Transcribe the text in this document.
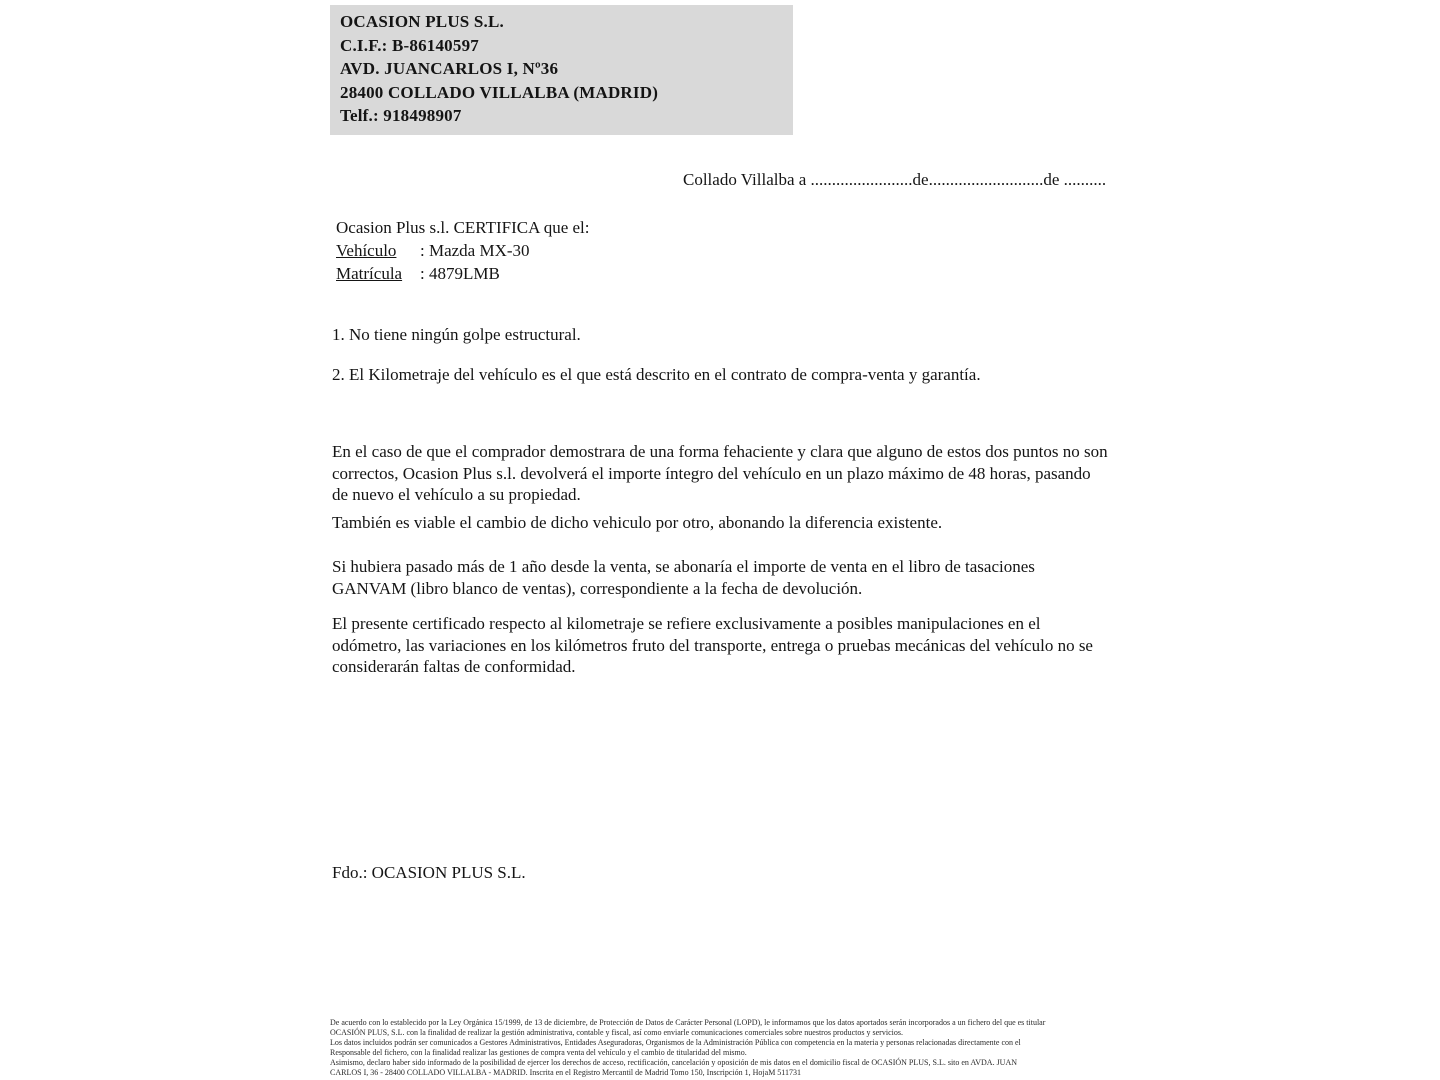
OCASION PLUS S.L.
C.I.F.: B-86140597
AVD. JUANCARLOS I, Nº36
28400 COLLADO VILLALBA (MADRID)
Telf.: 918498907
Collado Villalba a ........................de...........................de ..........
Ocasion Plus s.l. CERTIFICA que el:
Vehículo : Mazda MX-30
Matrícula : 4879LMB
1. No tiene ningún golpe estructural.
2. El Kilometraje del vehículo es el que está descrito en el contrato de compra-venta y garantía.
En el caso de que el comprador demostrara de una forma fehaciente y clara que alguno de estos dos puntos no son correctos, Ocasion Plus s.l. devolverá el importe íntegro del vehículo en un plazo máximo de 48 horas, pasando de nuevo el vehículo a su propiedad.
También es viable el cambio de dicho vehiculo por otro, abonando la diferencia existente.
Si hubiera pasado más de 1 año desde la venta, se abonaría el importe de venta en el libro de tasaciones GANVAM (libro blanco de ventas), correspondiente a la fecha de devolución.
El presente certificado respecto al kilometraje se refiere exclusivamente a posibles manipulaciones en el odómetro, las variaciones en los kilómetros fruto del transporte, entrega o pruebas mecánicas del vehículo no se considerarán faltas de conformidad.
Fdo.: OCASION PLUS S.L.
De acuerdo con lo establecido por la Ley Orgánica 15/1999, de 13 de diciembre, de Protección de Datos de Carácter Personal (LOPD), le informamos que los datos aportados serán incorporados a un fichero del que es titular
OCASIÓN PLUS, S.L. con la finalidad de realizar la gestión administrativa, contable y fiscal, así como enviarle comunicaciones comerciales sobre nuestros productos y servicios.
Los datos incluidos podrán ser comunicados a Gestores Administrativos, Entidades Aseguradoras, Organismos de la Administración Pública con competencia en la materia y personas relacionadas directamente con el
Responsable del fichero, con la finalidad realizar las gestiones de compra venta del vehículo y el cambio de titularidad del mismo.
Asimismo, declaro haber sido informado de la posibilidad de ejercer los derechos de acceso, rectificación, cancelación y oposición de mis datos en el domicilio fiscal de OCASIÓN PLUS, S.L. sito en AVDA. JUAN
CARLOS I, 36 - 28400 COLLADO VILLALBA - MADRID. Inscrita en el Registro Mercantil de Madrid Tomo 150, Inscripción 1, HojaM 511731
